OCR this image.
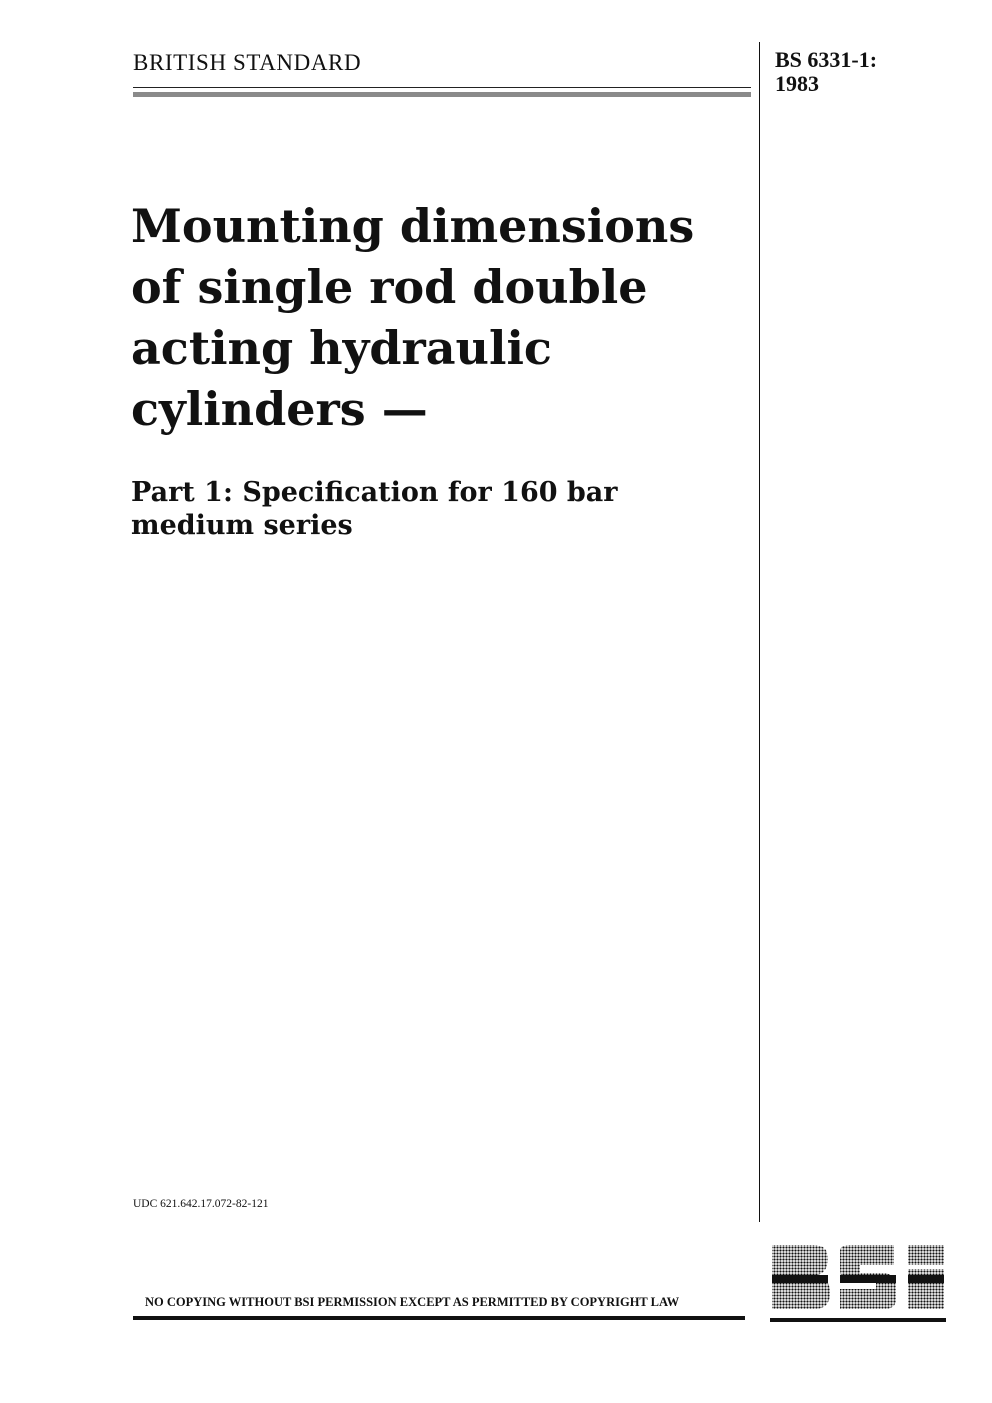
BRITISH STANDARD	BS 6331-1:
1983
Mounting dimensions
of single rod double
acting hydraulic
cylinders —
Part 1: Specification for 160 bar
medium series
UDC 621.642.17.072-82-121
NO COPYING WITHOUT BSI PERMISSION EXCEPT AS PERMITTED BY COPYRIGHT LAW
